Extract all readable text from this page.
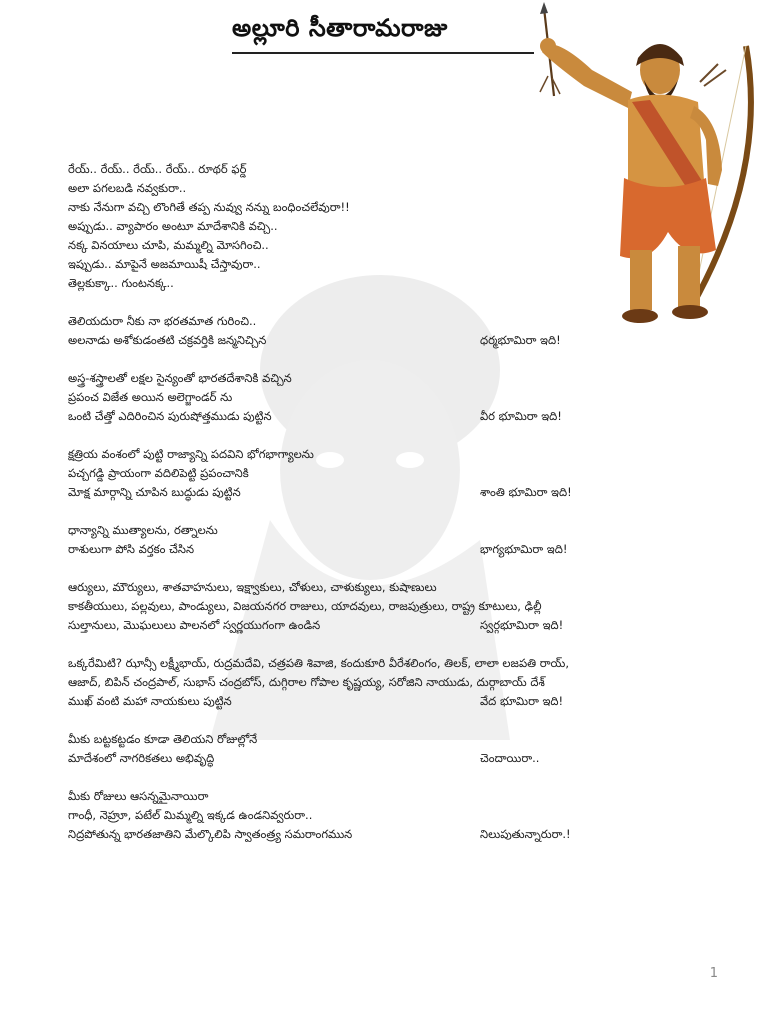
అల్లూరి సీతారామరాజు
రేయ్.. రేయ్.. రేయ్.. రేయ్.. రూథర్ ఫర్డ్
అలా పగలబడి నవ్వకురా..
నాకు నేనుగా వచ్చి లొంగితే తప్ప నువ్వు నన్ను బంధించలేవురా!!
అప్పుడు.. వ్యాపారం అంటూ మాదేశానికి వచ్చి..
నక్క వినయాలు చూపి, మమ్మల్ని మోసగించి..
ఇప్పుడు.. మాపైనే అజమాయిషీ చేస్తావురా..
తెల్లకుక్కా.. గుంటనక్క..
తెలియదురా నీకు నా భరతమాత గురించి..
అలనాడు అశోకుడంతటి చక్రవర్తికి జన్మనిచ్చిన	ధర్మభూమిరా ఇది!
అస్త్ర-శస్త్రాలతో లక్షల సైన్యంతో భారతదేశానికి వచ్చిన
ప్రపంచ విజేత అయిన అలెగ్జాండర్ ను
ఒంటి చేత్తో ఎదిరించిన పురుషోత్తముడు పుట్టిన	వీర భూమిరా ఇది!
క్షత్రియ వంశంలో పుట్టి రాజ్యాన్ని పదవిని భోగభాగ్యాలను
పచ్చగడ్డి ప్రాయంగా వదిలిపెట్టి ప్రపంచానికి
మోక్ష మార్గాన్ని చూపిన బుద్ధుడు పుట్టిన	శాంతి భూమిరా ఇది!
ధాన్యాన్ని ముత్యాలను, రత్నాలను
రాశులుగా పోసి వర్తకం చేసిన	భాగ్యభూమిరా ఇది!
ఆర్యులు, మౌర్యులు, శాతవాహనులు, ఇక్ష్వాకులు, చోళులు, చాళుక్యులు, కుషాణులు
కాకతీయులు, పల్లవులు, పాండ్యులు, విజయనగర రాజులు, యాదవులు, రాజపుత్రులు, రాష్ట్ర కూటులు, ఢిల్లీ
సుల్తానులు, మొఘలులు పాలనలో స్వర్ణయుగంగా ఉండిన	స్వర్గభూమిరా ఇది!
ఒక్కరేమిటి? ఝాన్సీ లక్ష్మీభాయ్, రుద్రమదేవి, చత్రపతి శివాజి, కందుకూరి వీరేశలింగం, తిలక్, లాలా లజపతి రాయ్,
ఆజాద్, బిపిన్ చంద్రపాల్, సుభాస్ చంద్రబోస్, దుగ్గిరాల గోపాల కృష్ణయ్య, సరోజిని నాయుడు, దుర్గాబాయ్ దేశ్
ముఖ్ వంటి మహా నాయకులు పుట్టిన	వేద భూమిరా ఇది!
మీకు బట్టకట్టడం కూడా తెలియని రోజుల్లోనే
మాదేశంలో నాగరికతలు అభివృద్ధి	చెందాయిరా..
మీకు రోజులు ఆసన్నమైనాయిరా
గాంధీ, నెహ్రూ, పటేల్ మిమ్మల్ని ఇక్కడ ఉండనివ్వరురా..
నిద్రపోతున్న భారతజాతిని మేల్కొలిపి స్వాతంత్ర్య సమరాంగమున	నిలుపుతున్నారురా.!
1
